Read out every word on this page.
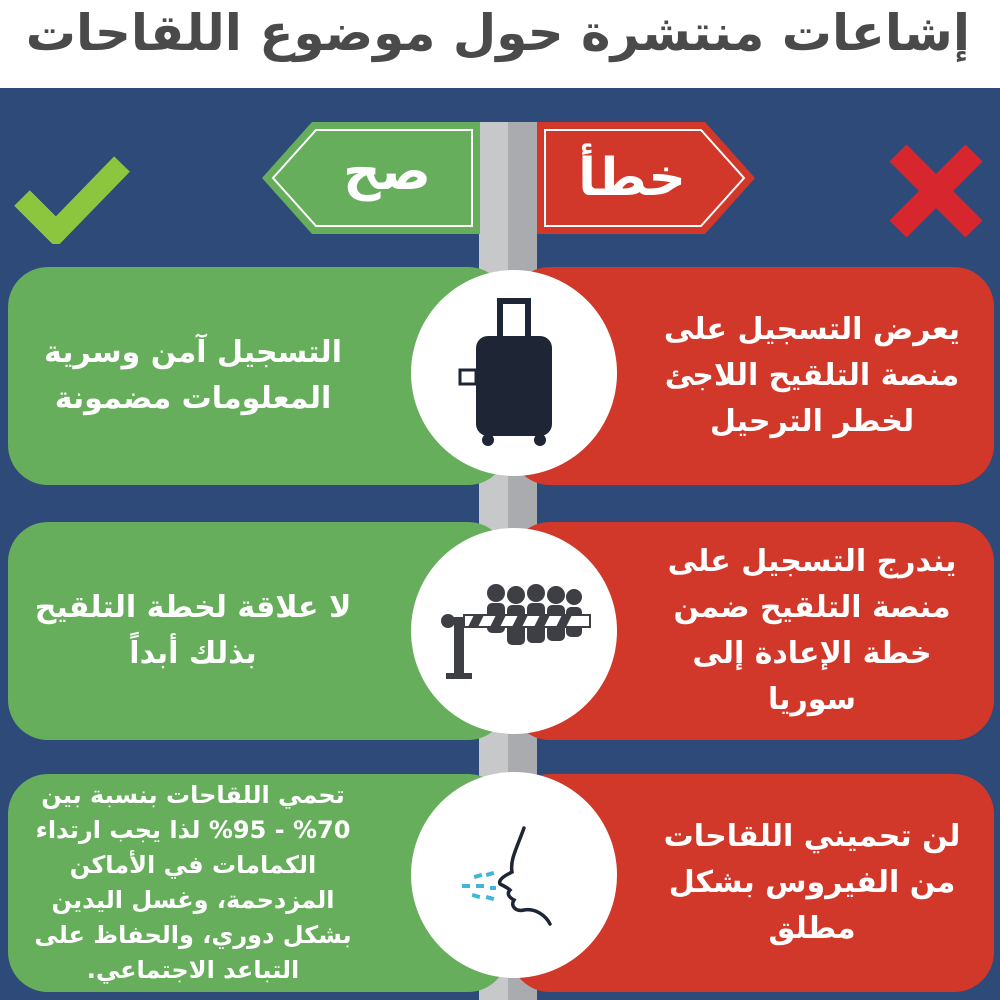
إشاعات منتشرة حول موضوع اللقاحات
صح	خطأ
التسجيل آمن وسرية المعلومات مضمونة
يعرض التسجيل على منصة التلقيح اللاجئ لخطر الترحيل
لا علاقة لخطة التلقيح بذلك أبداً
يندرج التسجيل على منصة التلقيح ضمن خطة الإعادة إلى سوريا
تحمي اللقاحات بنسبة بين 70% - 95% لذا يجب ارتداء الكمامات في الأماكن المزدحمة، وغسل اليدين بشكل دوري، والحفاظ على التباعد الاجتماعي.
لن تحميني اللقاحات من الفيروس بشكل مطلق
